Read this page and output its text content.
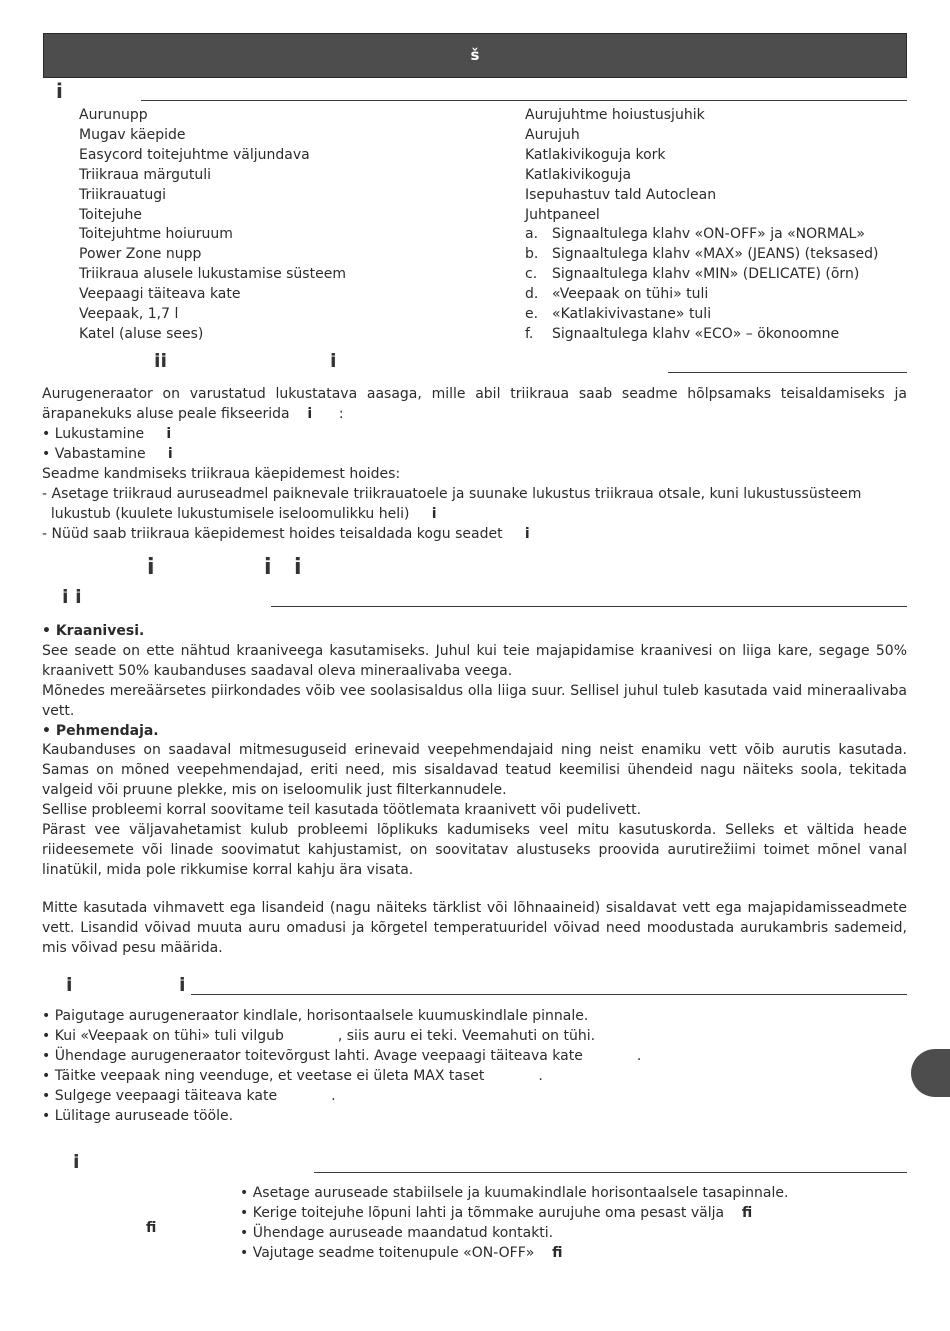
š
i
Aurunupp
Mugav käepide
Easycord toitejuhtme väljundava
Triikraua märgutuli
Triikrauatugi
Toitejuhe
Toitejuhtme hoiuruum
Power Zone nupp
Triikraua alusele lukustamise süsteem
Veepaagi täiteava kate
Veepaak, 1,7 l
Katel (aluse sees)
Aurujuhtme hoiustusjuhik
Aurujuh
Katlakivikoguja kork
Katlakivikoguja
Isepuhastuv tald Autoclean
Juhtpaneel
a. Signaaltulega klahv «ON-OFF» ja «NORMAL»
b. Signaaltulega klahv «MAX» (JEANS) (teksased)
c. Signaaltulega klahv «MIN» (DELICATE) (õrn)
d. «Veepaak on tühi» tuli
e. «Katlakivivastane» tuli
f. Signaaltulega klahv «ECO» – ökonoomne
ii	i

Aurugeneraator on varustatud lukustatava aasaga, mille abil triikraua saab seadme hõlpsamaks teisaldamiseks ja ärapanekuks aluse peale fikseerida i :

• Lukustamine i
• Vabastamine i
Seadme kandmiseks triikraua käepidemest hoides:

- Asetage triikraud auruseadmel paiknevale triikrauatoele ja suunake lukustus triikraua otsale, kuni lukustussüsteem

lukustub (kuulete lukustumisele iseloomulikku heli) i
- Nüüd saab triikraua käepidemest hoides teisaldada kogu seadet i
i	i i
i i

• Kraanivesi.

See seade on ette nähtud kraaniveega kasutamiseks. Juhul kui teie majapidamise kraanivesi on liiga kare, segage 50% kraanivett 50% kaubanduses saadaval oleva mineraalivaba veega.

Mõnedes mereäärsetes piirkondades võib vee soolasisaldus olla liiga suur. Sellisel juhul tuleb kasutada vaid mineraalivaba vett.

• Pehmendaja.

Kaubanduses on saadaval mitmesuguseid erinevaid veepehmendajaid ning neist enamiku vett võib aurutis kasutada. Samas on mõned veepehmendajad, eriti need, mis sisaldavad teatud keemilisi ühendeid nagu näiteks soola, tekitada valgeid või pruune plekke, mis on iseloomulik just filterkannudele.

Sellise probleemi korral soovitame teil kasutada töötlemata kraanivett või pudelivett.

Pärast vee väljavahetamist kulub probleemi lõplikuks kadumiseks veel mitu kasutuskorda. Selleks et vältida heade riideesemete või linade soovimatut kahjustamist, on soovitatav alustuseks proovida aurutirežiimi toimet mõnel vanal linatükil, mida pole rikkumise korral kahju ära visata.

Mitte kasutada vihmavett ega lisandeid (nagu näiteks tärklist või lõhnaaineid) sisaldavat vett ega majapidamisseadmete vett. Lisandid võivad muuta auru omadusi ja kõrgetel temperatuuridel võivad need moodustada aurukambris sademeid, mis võivad pesu määrida.

i	i
• Paigutage aurugeneraator kindlale, horisontaalsele kuumuskindlale pinnale.
• Kui «Veepaak on tühi» tuli vilgub	, siis auru ei teki. Veemahuti on tühi.
• Ühendage aurugeneraator toitevõrgust lahti. Avage veepaagi täiteava kate	.
• Täitke veepaak ning veenduge, et veetase ei ületa MAX taset	.
• Sulgege veepaagi täiteava kate	.
• Lülitage auruseade tööle.
i
fi
• Asetage auruseade stabiilsele ja kuumakindlale horisontaalsele tasapinnale.
• Kerige toitejuhe lõpuni lahti ja tõmmake aurujuhe oma pesast välja fi
• Ühendage auruseade maandatud kontakti.
• Vajutage seadme toitenupule «ON-OFF» fi
